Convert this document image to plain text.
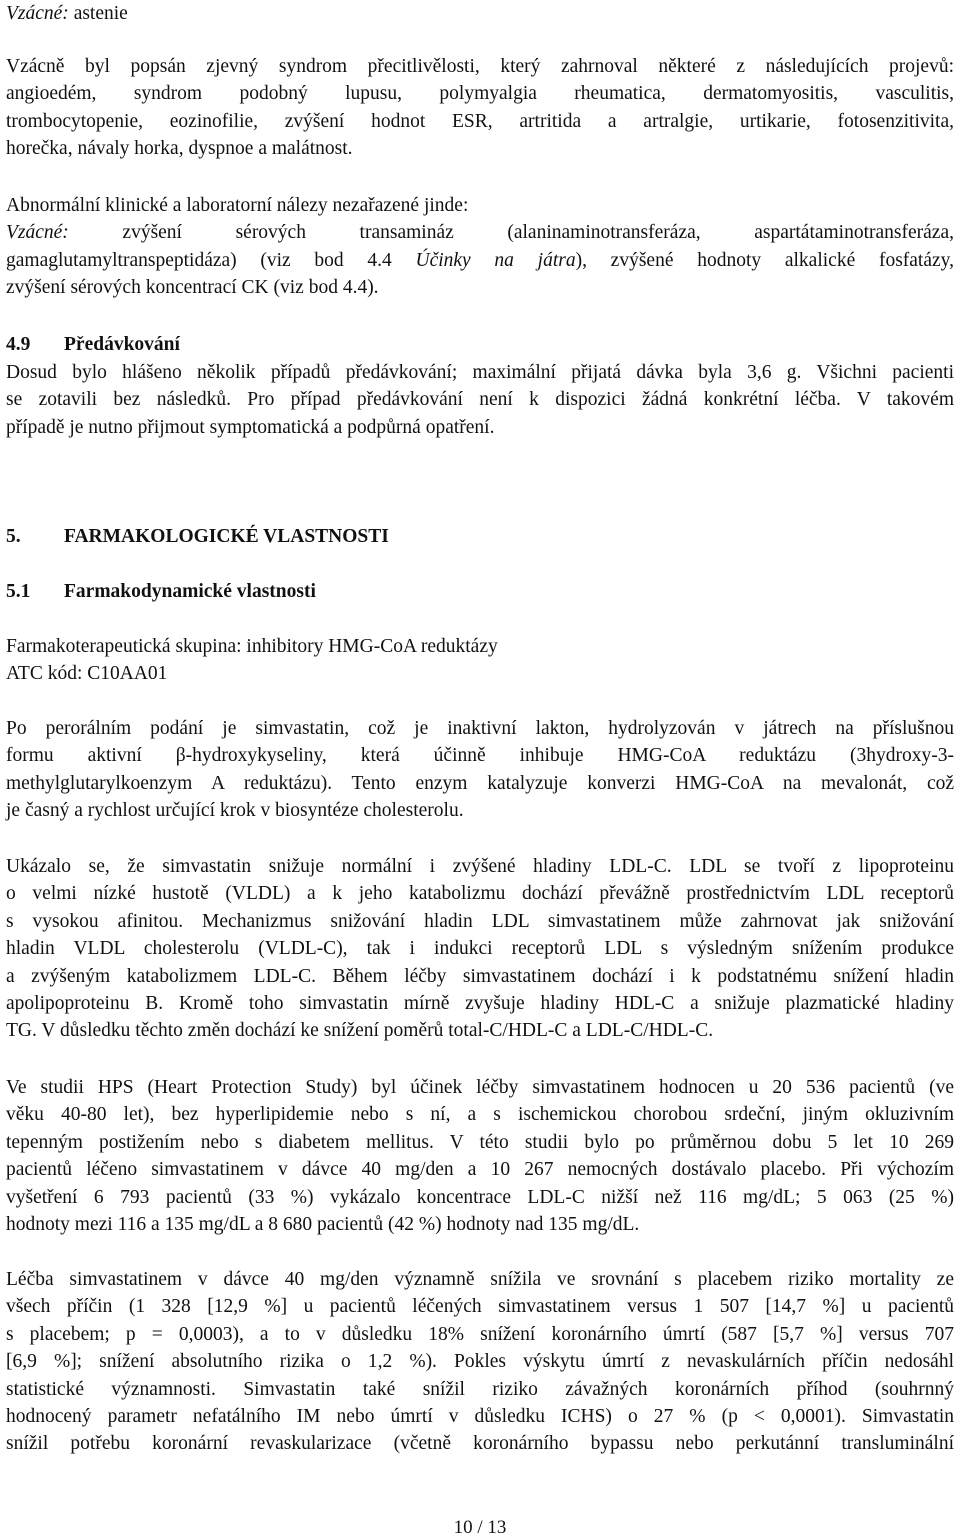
Vzácné: astenie

Vzácně byl popsán zjevný syndrom přecitlivělosti, který zahrnoval některé z následujících projevů:
angioedém, syndrom podobný lupusu, polymyalgia rheumatica, dermatomyositis, vasculitis,
trombocytopenie, eozinofilie, zvýšení hodnot ESR, artritida a artralgie, urtikarie, fotosenzitivita,
horečka, návaly horka, dyspnoe a malátnost.
Abnormální klinické a laboratorní nálezy nezařazené jinde:
Vzácné: zvýšení sérových transamináz (alaninaminotransferáza, aspartátaminotransferáza,
gamaglutamyltranspeptidáza) (viz bod 4.4 Účinky na játra), zvýšené hodnoty alkalické fosfatázy,
zvýšení sérových koncentrací CK (viz bod 4.4).

4.9 Předávkování

Dosud bylo hlášeno několik případů předávkování; maximální přijatá dávka byla 3,6 g. Všichni pacienti
se zotavili bez následků. Pro případ předávkování není k dispozici žádná konkrétní léčba. V takovém
případě je nutno přijmout symptomatická a podpůrná opatření.

5. FARMAKOLOGICKÉ VLASTNOSTI

5.1 Farmakodynamické vlastnosti

Farmakoterapeutická skupina: inhibitory HMG-CoA reduktázy
ATC kód: C10AA01
Po perorálním podání je simvastatin, což je inaktivní lakton, hydrolyzován v játrech na příslušnou
formu aktivní β-hydroxykyseliny, která účinně inhibuje HMG-CoA reduktázu (3hydroxy-3-
methylglutarylkoenzym A reduktázu). Tento enzym katalyzuje konverzi HMG-CoA na mevalonát, což
je časný a rychlost určující krok v biosyntéze cholesterolu.
Ukázalo se, že simvastatin snižuje normální i zvýšené hladiny LDL-C. LDL se tvoří z lipoproteinu
o velmi nízké hustotě (VLDL) a k jeho katabolizmu dochází převážně prostřednictvím LDL receptorů
s vysokou afinitou. Mechanizmus snižování hladin LDL simvastatinem může zahrnovat jak snižování
hladin VLDL cholesterolu (VLDL-C), tak i indukci receptorů LDL s výsledným snížením produkce
a zvýšeným katabolizmem LDL-C. Během léčby simvastatinem dochází i k podstatnému snížení hladin
apolipoproteinu B. Kromě toho simvastatin mírně zvyšuje hladiny HDL-C a snižuje plazmatické hladiny
TG. V důsledku těchto změn dochází ke snížení poměrů total-C/HDL-C a LDL-C/HDL-C.
Ve studii HPS (Heart Protection Study) byl účinek léčby simvastatinem hodnocen u 20 536 pacientů (ve
věku 40-80 let), bez hyperlipidemie nebo s ní, a s ischemickou chorobou srdeční, jiným okluzivním
tepenným postižením nebo s diabetem mellitus. V této studii bylo po průměrnou dobu 5 let 10 269
pacientů léčeno simvastatinem v dávce 40 mg/den a 10 267 nemocných dostávalo placebo. Při výchozím
vyšetření 6 793 pacientů (33 %) vykázalo koncentrace LDL-C nižší než 116 mg/dL; 5 063 (25 %)
hodnoty mezi 116 a 135 mg/dL a 8 680 pacientů (42 %) hodnoty nad 135 mg/dL.
Léčba simvastatinem v dávce 40 mg/den významně snížila ve srovnání s placebem riziko mortality ze
všech příčin (1 328 [12,9 %] u pacientů léčených simvastatinem versus 1 507 [14,7 %] u pacientů
s placebem; p = 0,0003), a to v důsledku 18% snížení koronárního úmrtí (587 [5,7 %] versus 707
[6,9 %]; snížení absolutního rizika o 1,2 %). Pokles výskytu úmrtí z nevaskulárních příčin nedosáhl
statistické významnosti. Simvastatin také snížil riziko závažných koronárních příhod (souhrnný
hodnocený parametr nefatálního IM nebo úmrtí v důsledku ICHS) o 27 % (p < 0,0001). Simvastatin
snížil potřebu koronární revaskularizace (včetně koronárního bypassu nebo perkutánní transluminální
10 / 13
